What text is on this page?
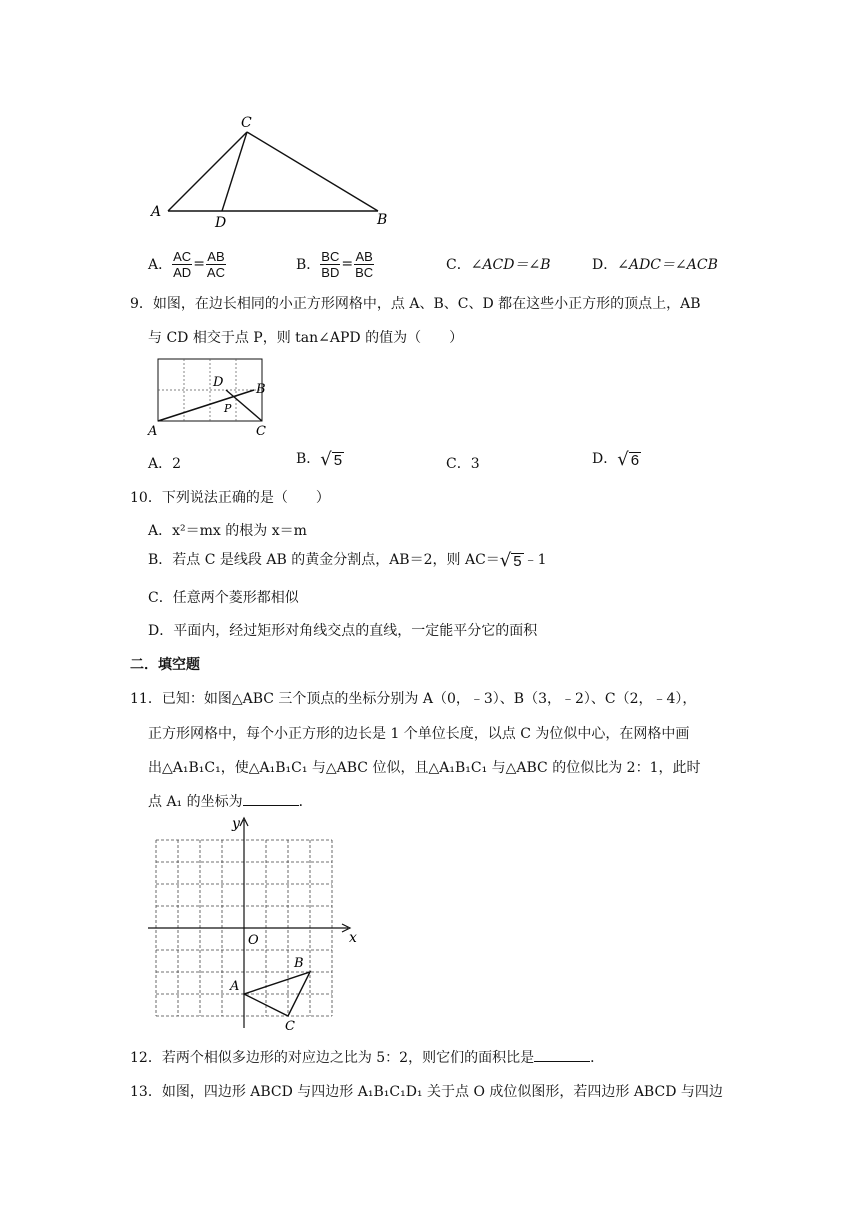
C
A
D	B
A． $\frac{AC}{AD} = \frac{AB}{AC}$	B． $\frac{BC}{BD} = \frac{AB}{BC}$	C．∠ACD＝∠B	D．∠ADC＝∠ACB
9．如图，在边长相同的小正方形网格中，点 A、B、C、D 都在这些小正方形的顶点上，AB
与 CD 相交于点 P，则 tan∠APD 的值为（　　）
D	B
P
A	C
A．2	B． √ 5	C．3	D． √ 6
10．下列说法正确的是（　　）
A．x²＝mx 的根为 x＝m
B．若点 C 是线段 AB 的黄金分割点，AB＝2，则 AC＝ √ 5 ﹣1
C．任意两个菱形都相似
D．平面内，经过矩形对角线交点的直线，一定能平分它的面积
二．填空题
11．已知：如图△ABC 三个顶点的坐标分别为 A（0，﹣3）、B（3，﹣2）、C（2，﹣4），
正方形网格中，每个小正方形的边长是 1 个单位长度，以点 C 为位似中心，在网格中画
出△A₁B₁C₁，使△A₁B₁C₁ 与△ABC 位似，且△A₁B₁C₁ 与△ABC 的位似比为 2：1，此时
点 A₁ 的坐标为	．
y
x
O
A
B
C
12．若两个相似多边形的对应边之比为 5：2，则它们的面积比是	．
13．如图，四边形 ABCD 与四边形 A₁B₁C₁D₁ 关于点 O 成位似图形，若四边形 ABCD 与四边
